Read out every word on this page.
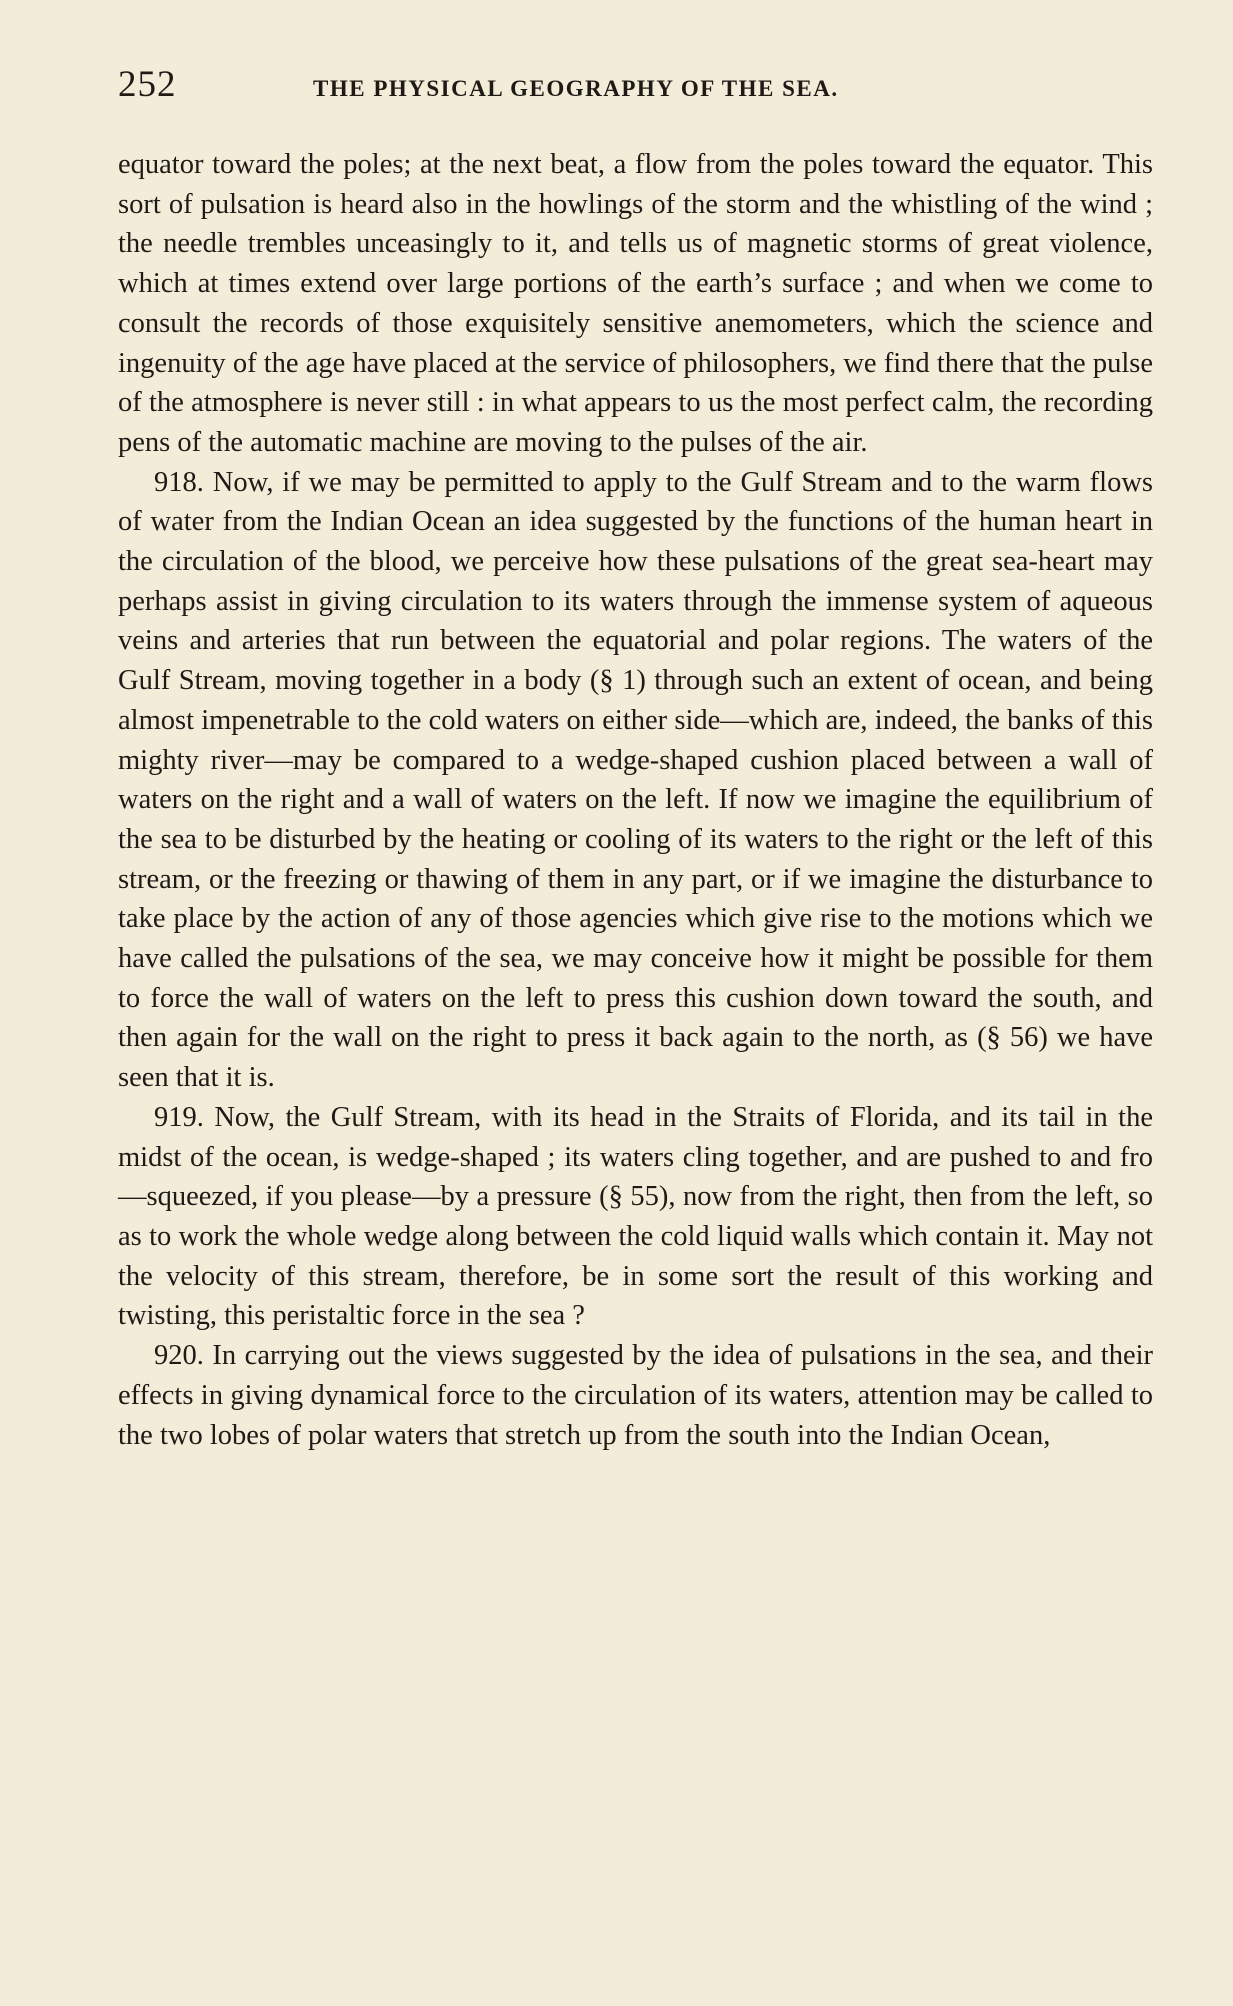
252	THE PHYSICAL GEOGRAPHY OF THE SEA.

equator toward the poles; at the next beat, a flow from the poles toward the equator. This sort of pulsation is heard also in the howlings of the storm and the whistling of the wind ; the needle trembles unceasingly to it, and tells us of magnetic storms of great violence, which at times extend over large portions of the earth’s surface ; and when we come to consult the records of those exquisitely sensitive anemometers, which the science and ingenuity of the age have placed at the service of philosophers, we find there that the pulse of the atmosphere is never still : in what appears to us the most perfect calm, the recording pens of the automatic machine are moving to the pulses of the air.

918. Now, if we may be permitted to apply to the Gulf Stream and to the warm flows of water from the Indian Ocean an idea suggested by the functions of the human heart in the circulation of the blood, we perceive how these pulsations of the great sea-heart may perhaps assist in giving circulation to its waters through the immense system of aqueous veins and arteries that run between the equatorial and polar regions. The waters of the Gulf Stream, moving together in a body (§ 1) through such an extent of ocean, and being almost impenetrable to the cold waters on either side—which are, indeed, the banks of this mighty river—may be compared to a wedge-shaped cushion placed between a wall of waters on the right and a wall of waters on the left. If now we imagine the equilibrium of the sea to be disturbed by the heating or cooling of its waters to the right or the left of this stream, or the freezing or thawing of them in any part, or if we imagine the disturbance to take place by the action of any of those agencies which give rise to the motions which we have called the pulsations of the sea, we may conceive how it might be possible for them to force the wall of waters on the left to press this cushion down toward the south, and then again for the wall on the right to press it back again to the north, as (§ 56) we have seen that it is.

919. Now, the Gulf Stream, with its head in the Straits of Florida, and its tail in the midst of the ocean, is wedge-shaped ; its waters cling together, and are pushed to and fro—squeezed, if you please—by a pressure (§ 55), now from the right, then from the left, so as to work the whole wedge along between the cold liquid walls which contain it. May not the velocity of this stream, therefore, be in some sort the result of this working and twisting, this peristaltic force in the sea ?

920. In carrying out the views suggested by the idea of pulsations in the sea, and their effects in giving dynamical force to the circulation of its waters, attention may be called to the two lobes of polar waters that stretch up from the south into the Indian Ocean,
